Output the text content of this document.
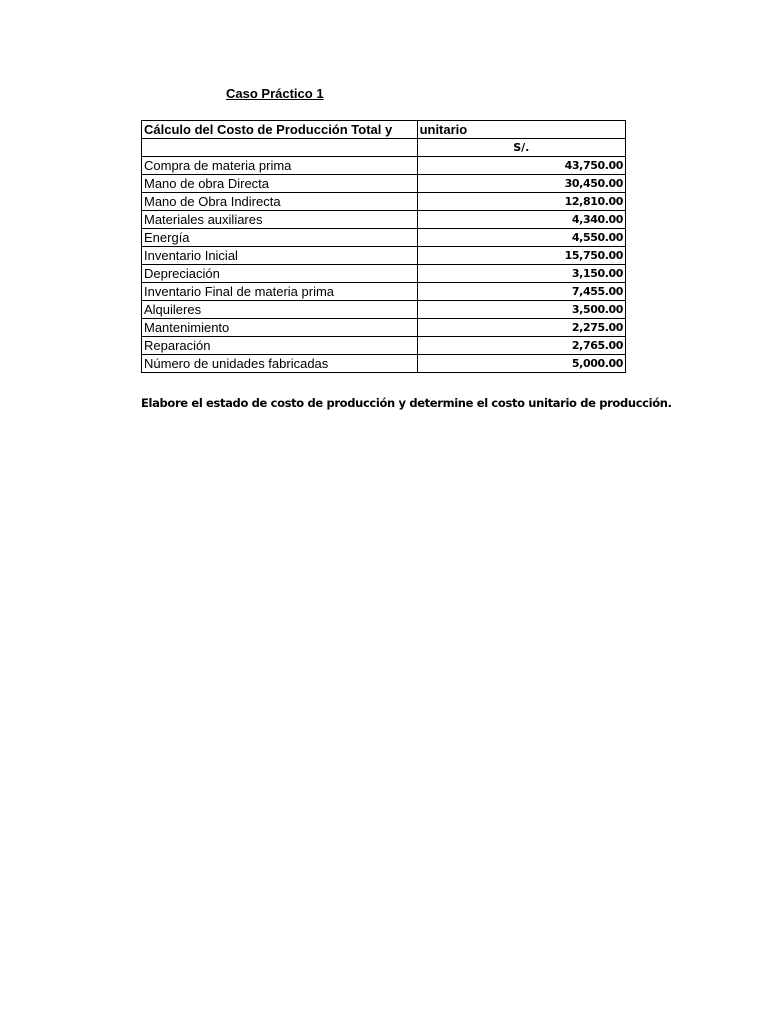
Caso Práctico 1
Cálculo del Costo de Producción Total y	unitario
	S/.
Compra de materia prima	43,750.00
Mano de obra Directa	30,450.00
Mano de Obra Indirecta	12,810.00
Materiales auxiliares	4,340.00
Energía	4,550.00
Inventario Inicial	15,750.00
Depreciación	3,150.00
Inventario Final de materia prima	7,455.00
Alquileres	3,500.00
Mantenimiento	2,275.00
Reparación	2,765.00
Número de unidades fabricadas	5,000.00
Elabore el estado de costo de producción y determine el costo unitario de producción.
